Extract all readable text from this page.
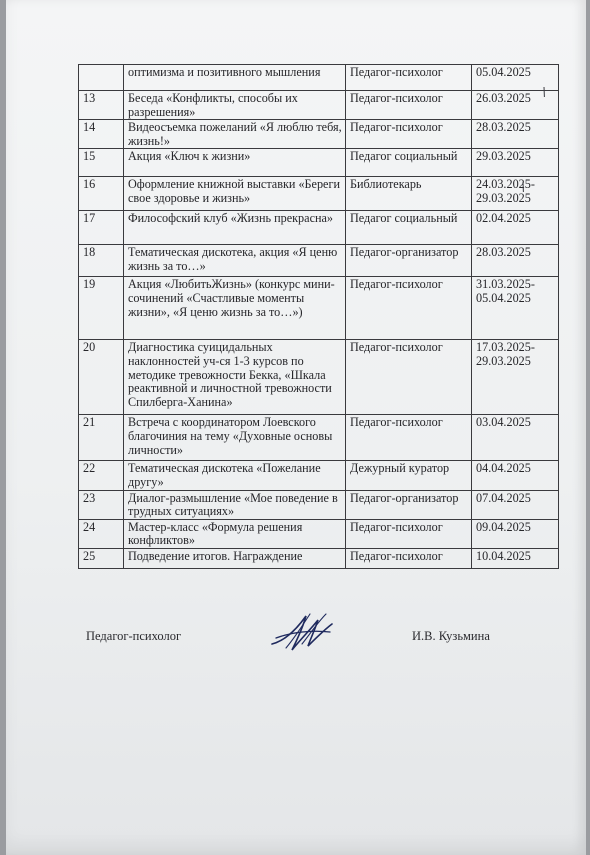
	оптимизма и позитивного мышления	Педагог-психолог	05.04.2025
13	Беседа «Конфликты, способы их разрешения»	Педагог-психолог	26.03.2025
14	Видеосъемка пожеланий «Я люблю тебя, жизнь!»	Педагог-психолог	28.03.2025
15	Акция «Ключ к жизни»	Педагог социальный	29.03.2025
16	Оформление книжной выставки «Береги свое здоровье и жизнь»	Библиотекарь	24.03.2025-29.03.2025
17	Философский клуб «Жизнь прекрасна»	Педагог социальный	02.04.2025
18	Тематическая дискотека, акция «Я ценю жизнь за то…»	Педагог-организатор	28.03.2025
19	Акция «ЛюбитьЖизнь» (конкурс мини-сочинений «Счастливые моменты жизни», «Я ценю жизнь за то…»)	Педагог-психолог	31.03.2025-05.04.2025
20	Диагностика суицидальных наклонностей уч-ся 1-3 курсов по методике тревожности Бекка, «Шкала реактивной и личностной тревожности Спилберга-Ханина»	Педагог-психолог	17.03.2025-29.03.2025
21	Встреча с координатором Лоевского благочиния на тему «Духовные основы личности»	Педагог-психолог	03.04.2025
22	Тематическая дискотека «Пожелание другу»	Дежурный куратор	04.04.2025
23	Диалог-размышление «Мое поведение в трудных ситуациях»	Педагог-организатор	07.04.2025
24	Мастер-класс «Формула решения конфликтов»	Педагог-психолог	09.04.2025
25	Подведение итогов. Награждение	Педагог-психолог	10.04.2025
Педагог-психолог	И.В. Кузьмина
